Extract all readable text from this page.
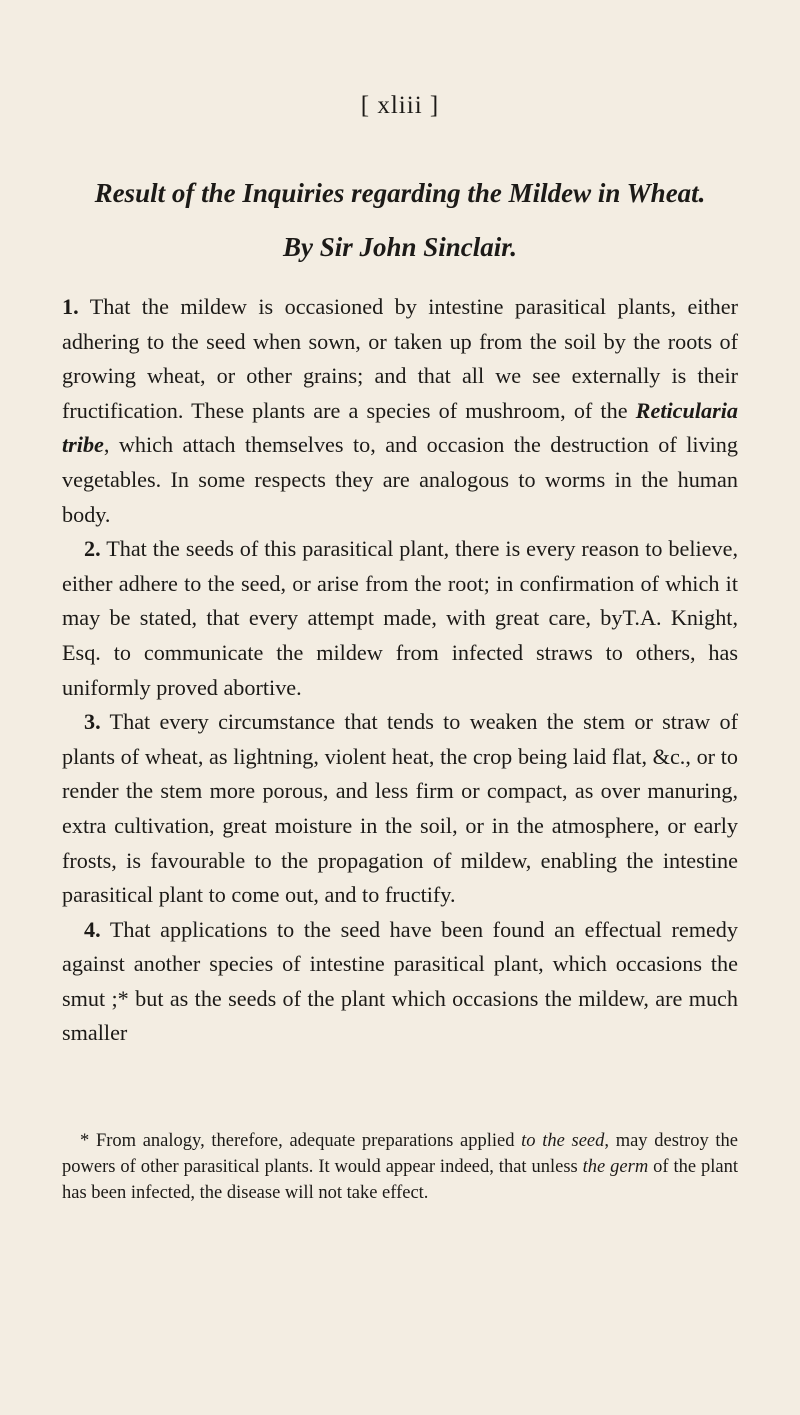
[ xliii ]
Result of the Inquiries regarding the Mildew in Wheat.
By Sir John Sinclair.

1. That the mildew is occasioned by intestine parasitical plants, either adhering to the seed when sown, or taken up from the soil by the roots of growing wheat, or other grains; and that all we see externally is their fructification. These plants are a species of mushroom, of the Reticularia tribe, which attach themselves to, and occasion the destruction of living vegetables. In some respects they are analogous to worms in the human body.

2. That the seeds of this parasitical plant, there is every reason to believe, either adhere to the seed, or arise from the root; in confirmation of which it may be stated, that every attempt made, with great care, byT.A. Knight, Esq. to communicate the mildew from infected straws to others, has uniformly proved abortive.

3. That every circumstance that tends to weaken the stem or straw of plants of wheat, as lightning, violent heat, the crop being laid flat, &c., or to render the stem more porous, and less firm or compact, as over manuring, extra cultivation, great moisture in the soil, or in the atmosphere, or early frosts, is favourable to the propagation of mildew, enabling the intestine parasitical plant to come out, and to fructify.

4. That applications to the seed have been found an effectual remedy against another species of intestine parasitical plant, which occasions the smut ;* but as the seeds of the plant which occasions the mildew, are much smaller

* From analogy, therefore, adequate preparations applied to the seed, may destroy the powers of other parasitical plants. It would appear indeed, that unless the germ of the plant has been infected, the disease will not take effect.
